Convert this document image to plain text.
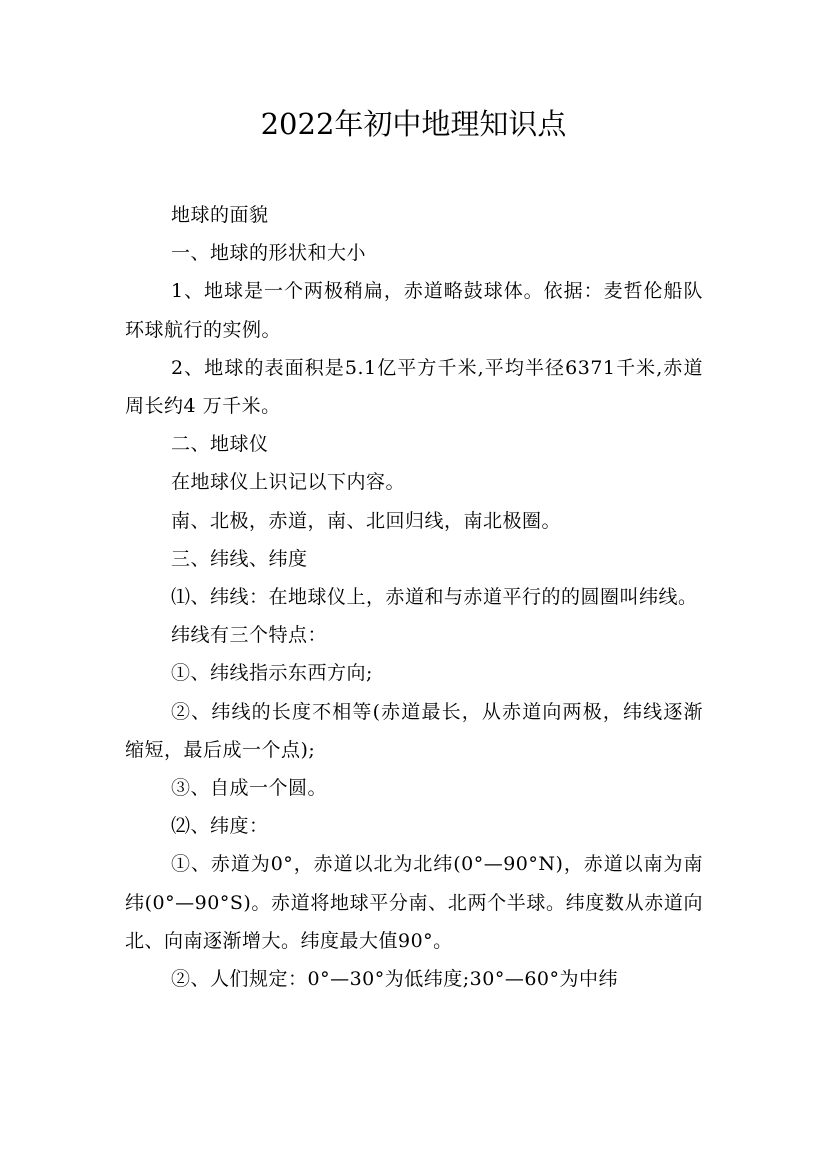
2022年初中地理知识点

地球的面貌

一、地球的形状和大小

1、地球是一个两极稍扁，赤道略鼓球体。依据：麦哲伦船队环球航行的实例。

2、地球的表面积是5.1亿平方千米,平均半径6371千米,赤道周长约4 万千米。

二、地球仪

在地球仪上识记以下内容。

南、北极，赤道，南、北回归线，南北极圈。

三、纬线、纬度

⑴、纬线：在地球仪上，赤道和与赤道平行的的圆圈叫纬线。

纬线有三个特点：

①、纬线指示东西方向;

②、纬线的长度不相等(赤道最长，从赤道向两极，纬线逐渐缩短，最后成一个点);

③、自成一个圆。

⑵、纬度：

①、赤道为0°，赤道以北为北纬(0°—90°N)，赤道以南为南纬(0°—90°S)。赤道将地球平分南、北两个半球。纬度数从赤道向北、向南逐渐增大。纬度最大值90°。

②、人们规定：0°—30°为低纬度;30°—60°为中纬
